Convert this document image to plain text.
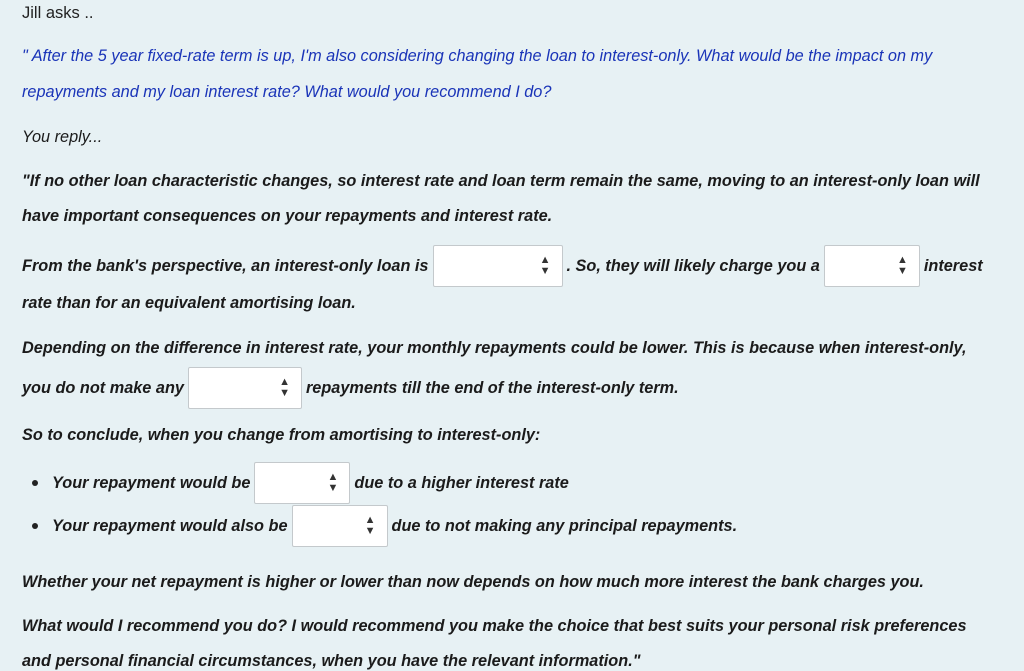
Jill asks ..
" After the 5 year fixed-rate term is up, I'm also considering changing the loan to interest-only. What would be the impact on my
repayments and my loan interest rate? What would you recommend I do?
You reply...
"If no other loan characteristic changes, so interest rate and loan term remain the same, moving to an interest-only loan will
have important consequences on your repayments and interest rate.
From the bank's perspective, an interest-only loan is	▲
▼ . So, they will likely charge you a	▲
▼ interest
rate than for an equivalent amortising loan.
Depending on the difference in interest rate, your monthly repayments could be lower. This is because when interest-only,
you do not make any	▲
▼ repayments till the end of the interest-only term.
So to conclude, when you change from amortising to interest-only:
Your repayment would be	▲
▼ due to a higher interest rate
Your repayment would also be	▲
▼ due to not making any principal repayments.
Whether your net repayment is higher or lower than now depends on how much more interest the bank charges you.
What would I recommend you do? I would recommend you make the choice that best suits your personal risk preferences
and personal financial circumstances, when you have the relevant information."
